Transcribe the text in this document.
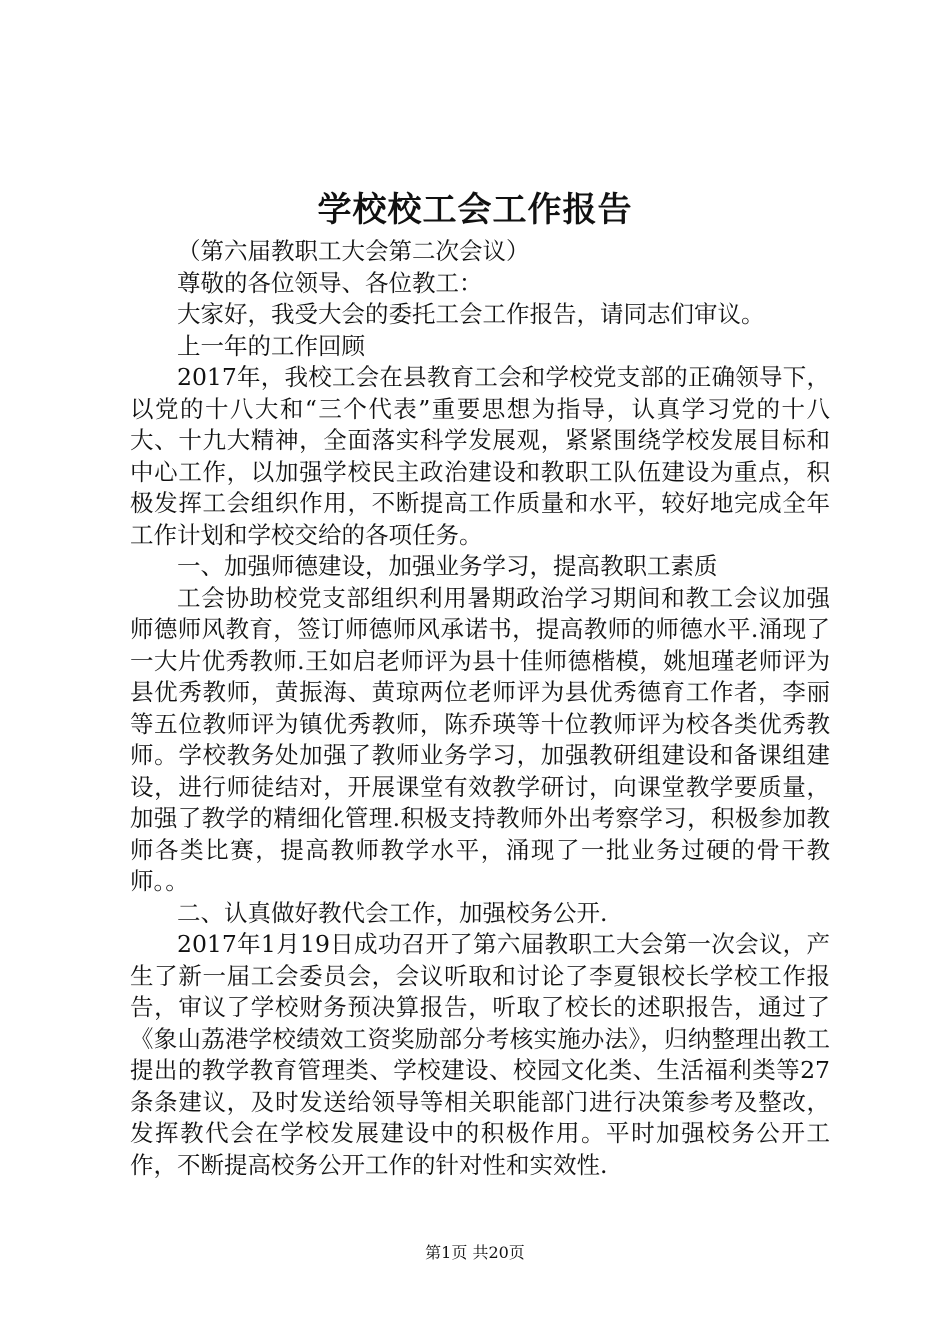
学校校工会工作报告

（第六届教职工大会第二次会议）

尊敬的各位领导、各位教工：

大家好，我受大会的委托工会工作报告，请同志们审议。

上一年的工作回顾

2017年，我校工会在县教育工会和学校党支部的正确领导下，以党的十八大和“三个代表”重要思想为指导，认真学习党的十八大、十九大精神，全面落实科学发展观，紧紧围绕学校发展目标和中心工作，以加强学校民主政治建设和教职工队伍建设为重点，积极发挥工会组织作用，不断提高工作质量和水平，较好地完成全年工作计划和学校交给的各项任务。

一、加强师德建设，加强业务学习，提高教职工素质

工会协助校党支部组织利用暑期政治学习期间和教工会议加强师德师风教育，签订师德师风承诺书，提高教师的师德水平.涌现了一大片优秀教师.王如启老师评为县十佳师德楷模，姚旭瑾老师评为县优秀教师，黄振海、黄琼两位老师评为县优秀德育工作者，李丽等五位教师评为镇优秀教师，陈乔瑛等十位教师评为校各类优秀教师。学校教务处加强了教师业务学习，加强教研组建设和备课组建设，进行师徒结对，开展课堂有效教学研讨，向课堂教学要质量，加强了教学的精细化管理.积极支持教师外出考察学习，积极参加教师各类比赛，提高教师教学水平，涌现了一批业务过硬的骨干教师。。

二、认真做好教代会工作，加强校务公开.

2017年1月19日成功召开了第六届教职工大会第一次会议，产生了新一届工会委员会，会议听取和讨论了李夏银校长学校工作报告，审议了学校财务预决算报告，听取了校长的述职报告，通过了《象山荔港学校绩效工资奖励部分考核实施办法》，归纳整理出教工提出的教学教育管理类、学校建设、校园文化类、生活福利类等27条条建议，及时发送给领导等相关职能部门进行决策参考及整改，发挥教代会在学校发展建设中的积极作用。平时加强校务公开工作，不断提高校务公开工作的针对性和实效性.

第1页 共20页
